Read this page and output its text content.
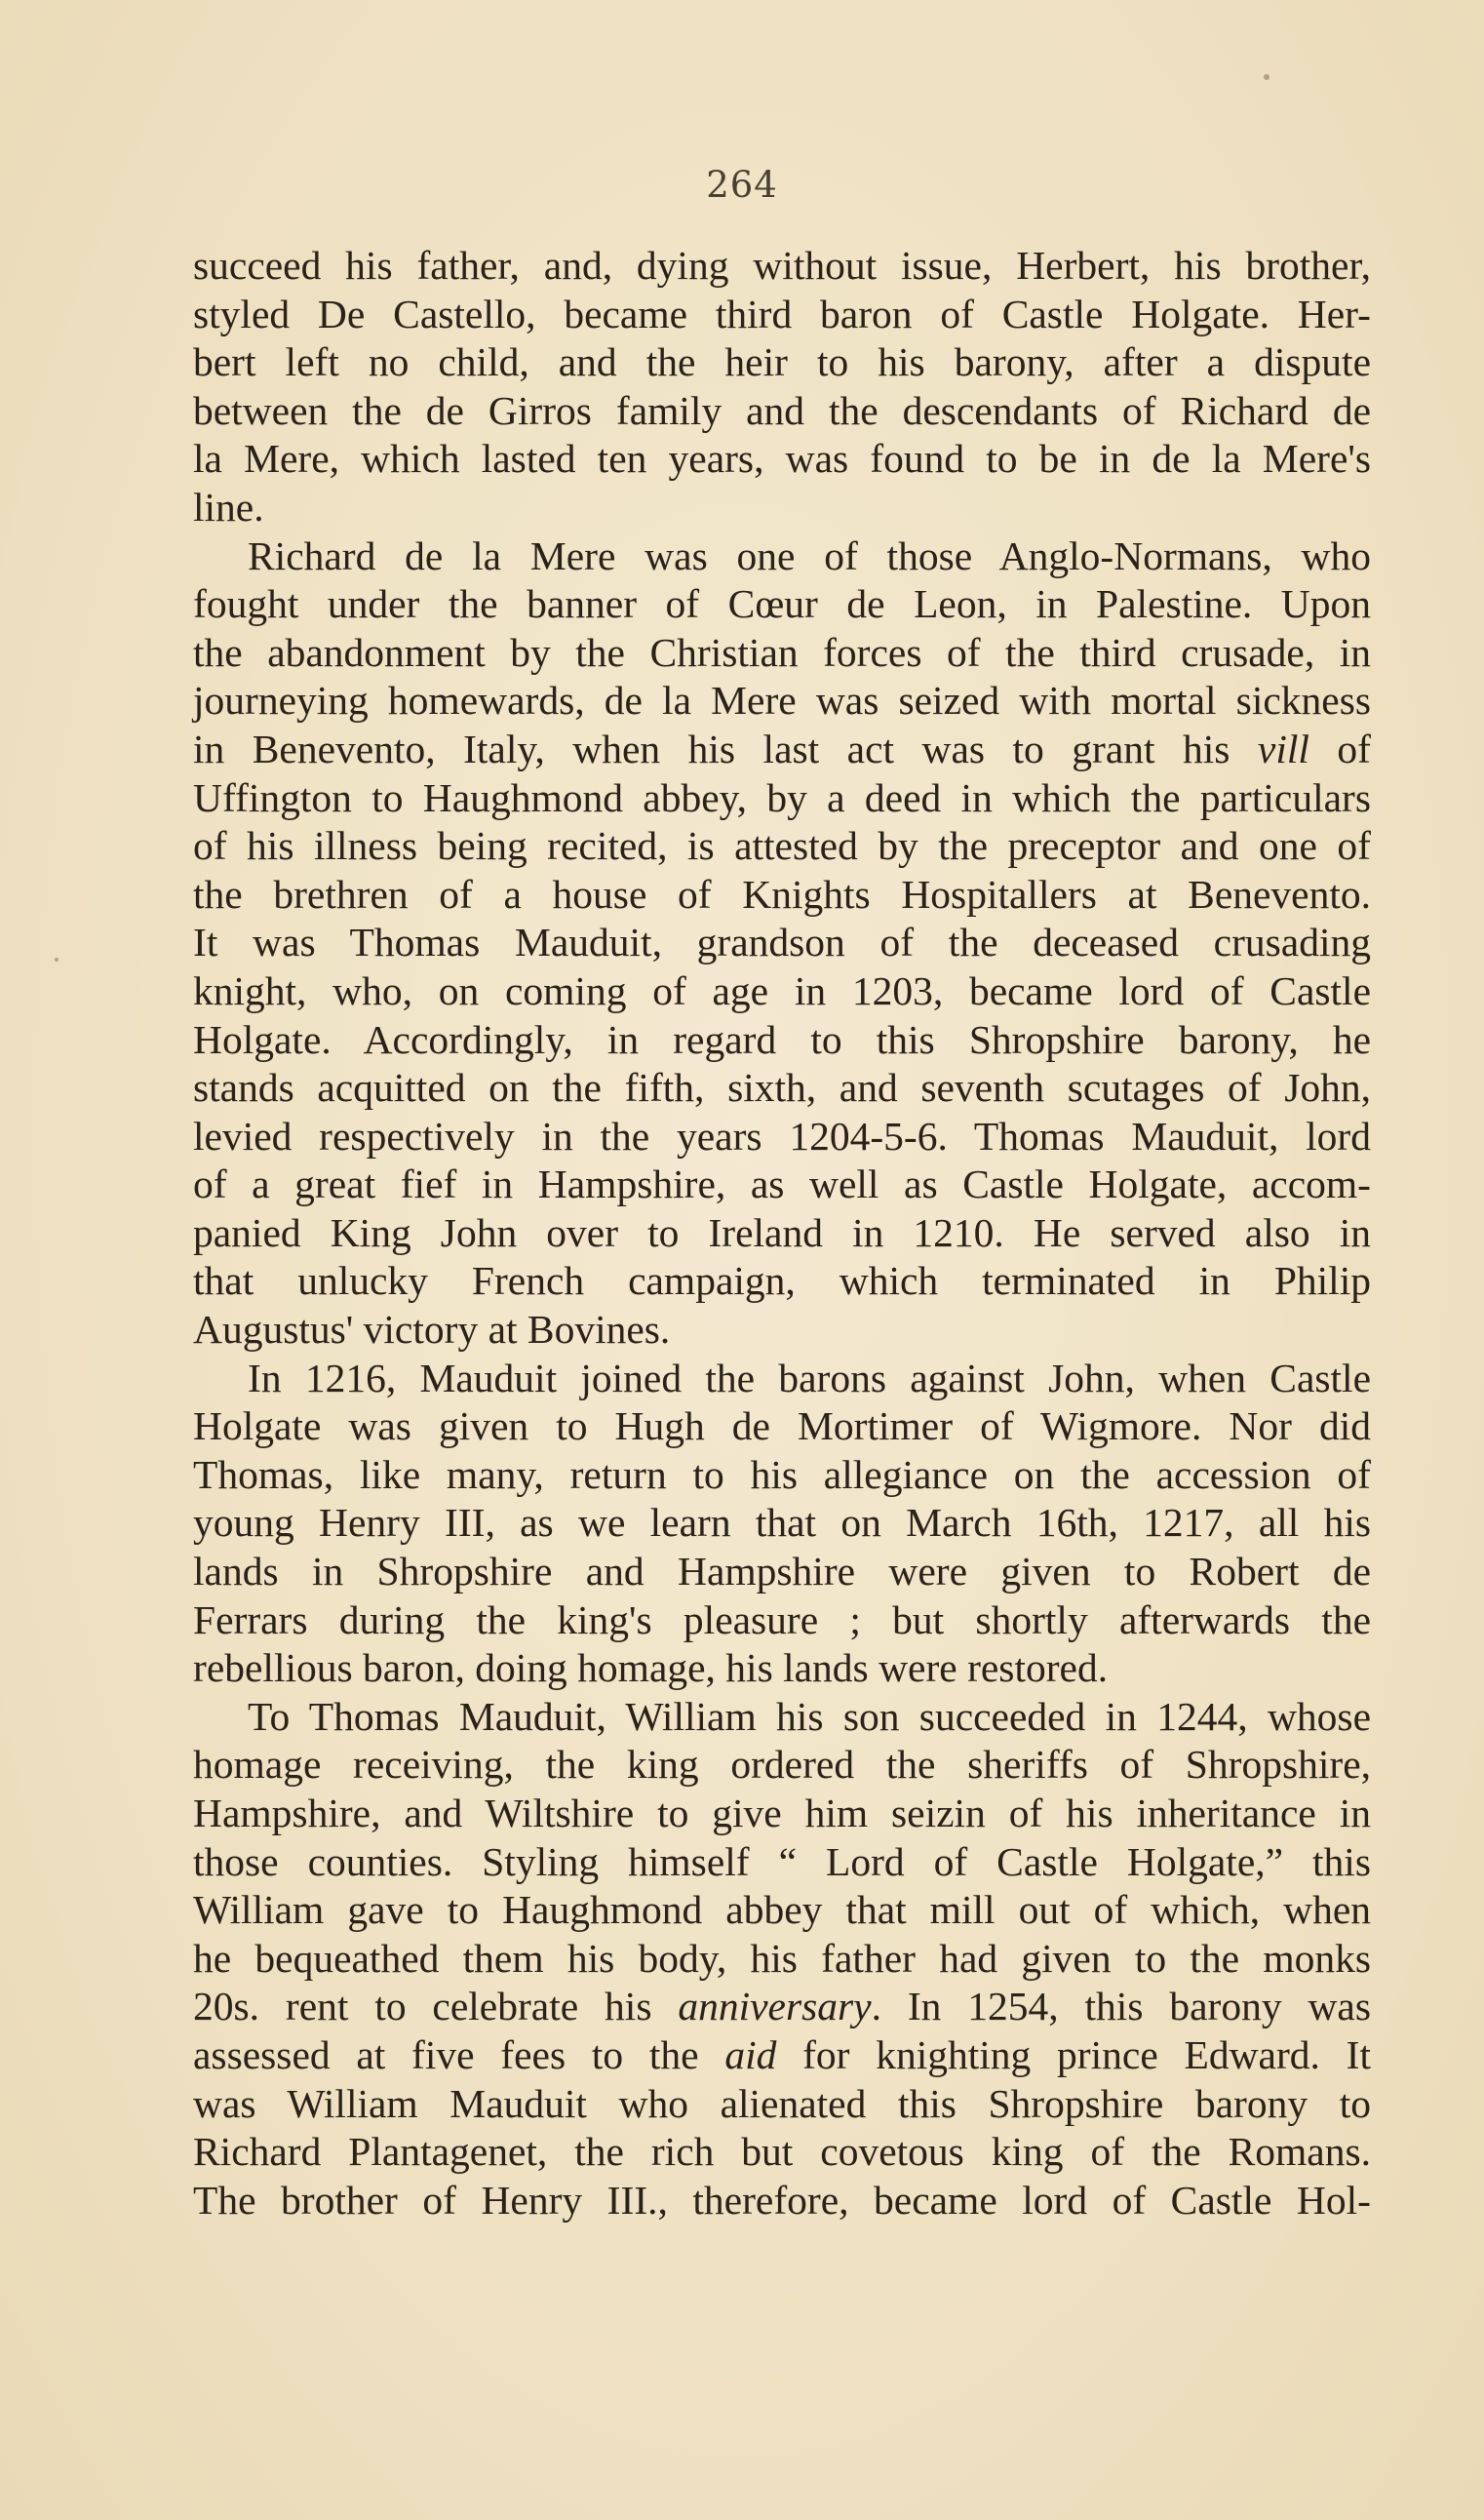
264
succeed his father, and, dying without issue, Herbert, his brother,
styled De Castello, became third baron of Castle Holgate. Her-
bert left no child, and the heir to his barony, after a dispute
between the de Girros family and the descendants of Richard de
la Mere, which lasted ten years, was found to be in de la Mere's
line.
Richard de la Mere was one of those Anglo-Normans, who
fought under the banner of Cœur de Leon, in Palestine. Upon
the abandonment by the Christian forces of the third crusade, in
journeying homewards, de la Mere was seized with mortal sickness
in Benevento, Italy, when his last act was to grant his vill of
Uffington to Haughmond abbey, by a deed in which the particulars
of his illness being recited, is attested by the preceptor and one of
the brethren of a house of Knights Hospitallers at Benevento.
It was Thomas Mauduit, grandson of the deceased crusading
knight, who, on coming of age in 1203, became lord of Castle
Holgate. Accordingly, in regard to this Shropshire barony, he
stands acquitted on the fifth, sixth, and seventh scutages of John,
levied respectively in the years 1204-5-6. Thomas Mauduit, lord
of a great fief in Hampshire, as well as Castle Holgate, accom-
panied King John over to Ireland in 1210. He served also in
that unlucky French campaign, which terminated in Philip
Augustus' victory at Bovines.
In 1216, Mauduit joined the barons against John, when Castle
Holgate was given to Hugh de Mortimer of Wigmore. Nor did
Thomas, like many, return to his allegiance on the accession of
young Henry III, as we learn that on March 16th, 1217, all his
lands in Shropshire and Hampshire were given to Robert de
Ferrars during the king's pleasure ; but shortly afterwards the
rebellious baron, doing homage, his lands were restored.
To Thomas Mauduit, William his son succeeded in 1244, whose
homage receiving, the king ordered the sheriffs of Shropshire,
Hampshire, and Wiltshire to give him seizin of his inheritance in
those counties. Styling himself “ Lord of Castle Holgate,” this
William gave to Haughmond abbey that mill out of which, when
he bequeathed them his body, his father had given to the monks
20s. rent to celebrate his anniversary. In 1254, this barony was
assessed at five fees to the aid for knighting prince Edward. It
was William Mauduit who alienated this Shropshire barony to
Richard Plantagenet, the rich but covetous king of the Romans.
The brother of Henry III., therefore, became lord of Castle Hol-
